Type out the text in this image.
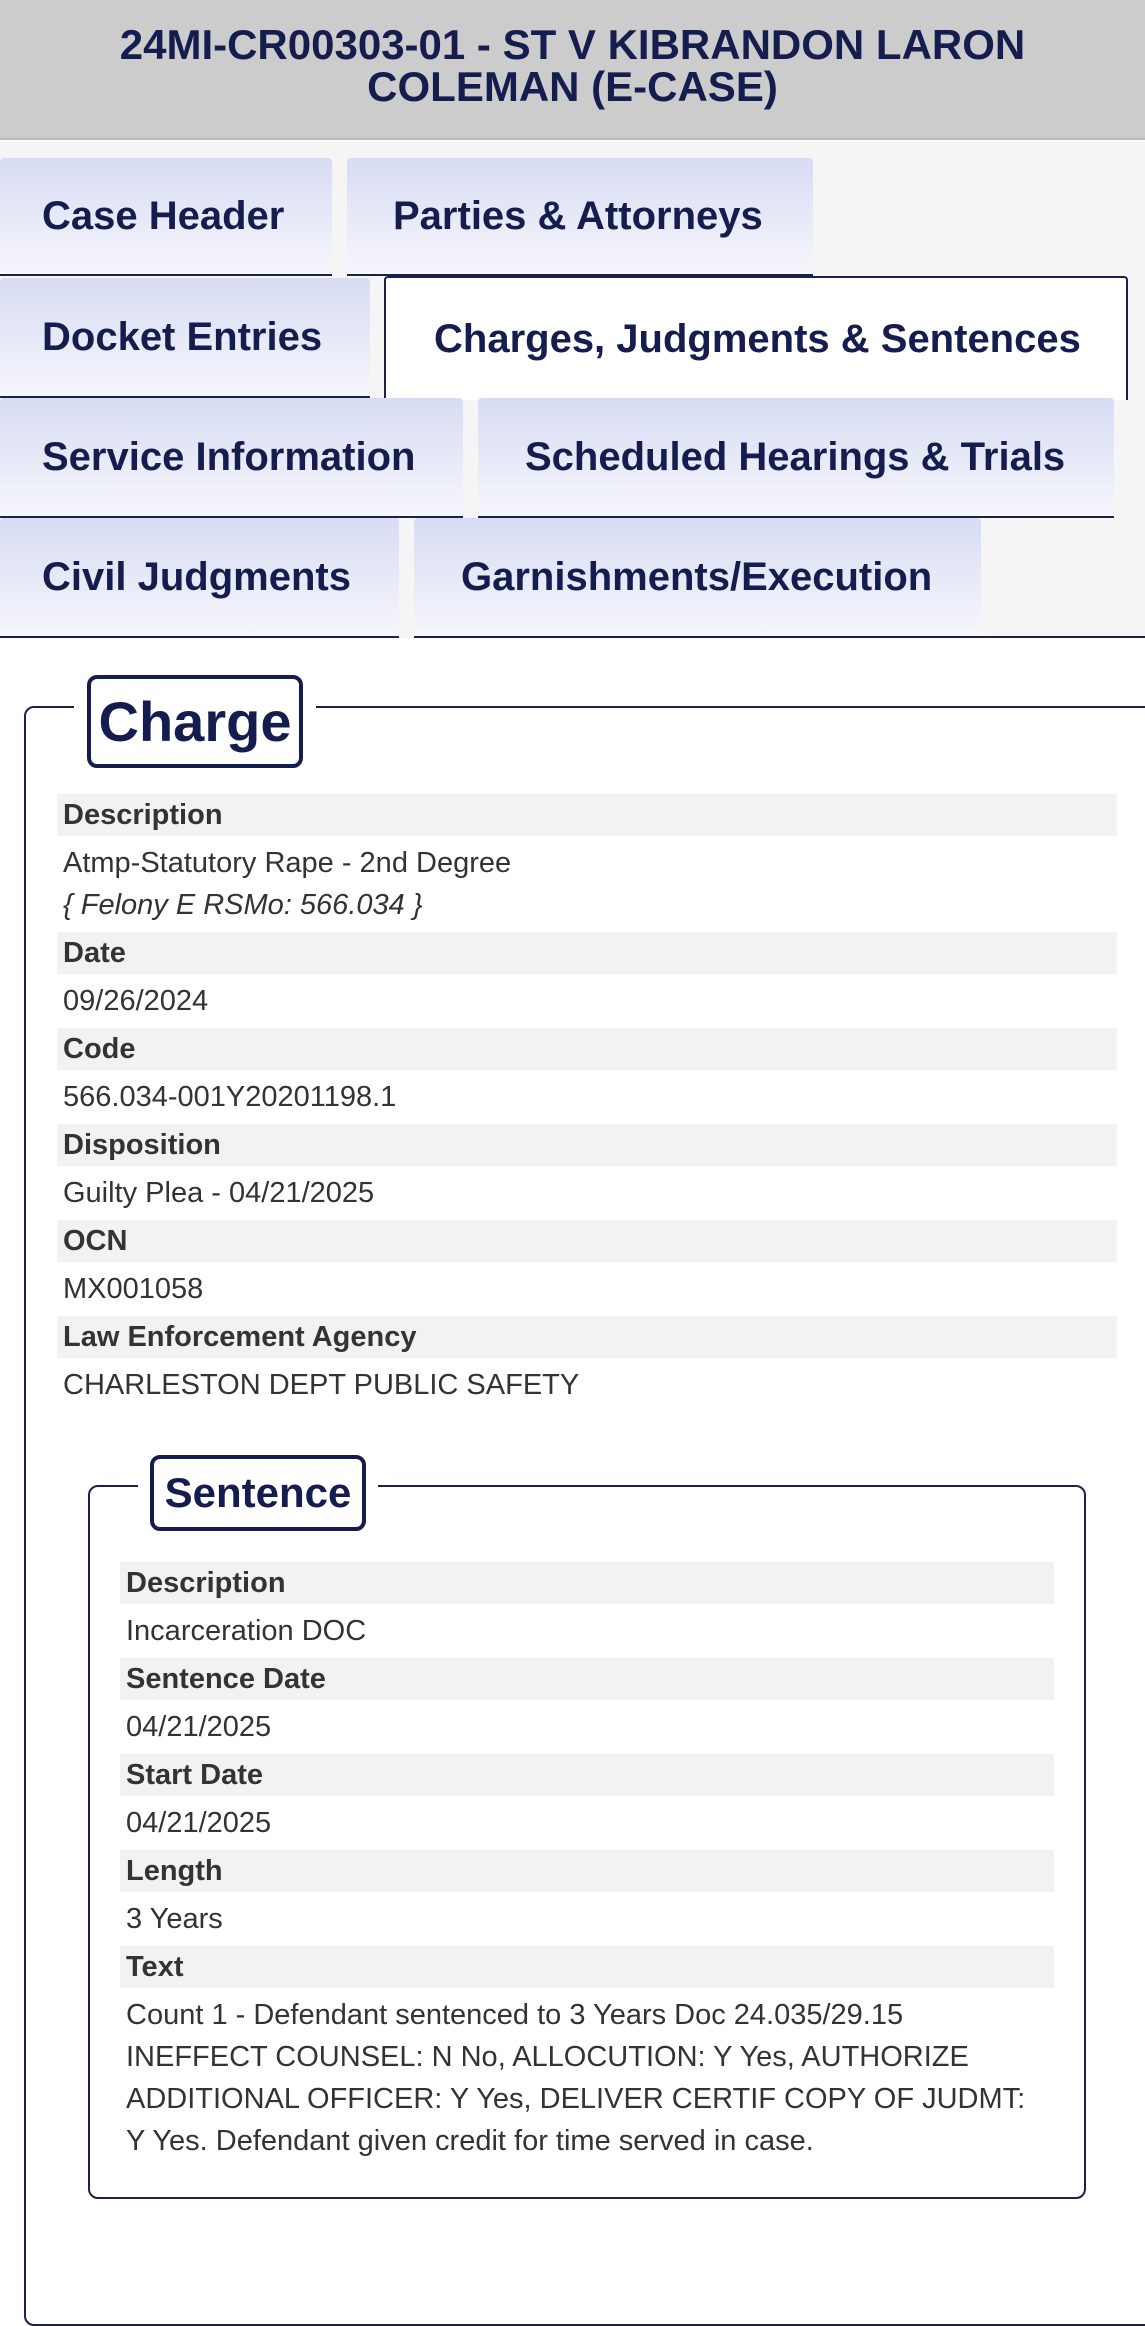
24MI-CR00303-01 - ST V KIBRANDON LARON COLEMAN (E-CASE)
Case Header	Parties & Attorneys
Docket Entries	Charges, Judgments & Sentences
Service Information	Scheduled Hearings & Trials
Civil Judgments	Garnishments/Execution
Charge
Description
Atmp-Statutory Rape - 2nd Degree
{ Felony E RSMo: 566.034 }
Date
09/26/2024
Code
566.034-001Y20201198.1
Disposition
Guilty Plea - 04/21/2025
OCN
MX001058
Law Enforcement Agency
CHARLESTON DEPT PUBLIC SAFETY
Sentence
Description
Incarceration DOC
Sentence Date
04/21/2025
Start Date
04/21/2025
Length
3 Years
Text
Count 1 - Defendant sentenced to 3 Years Doc 24.035/29.15 INEFFECT COUNSEL: N No, ALLOCUTION: Y Yes, AUTHORIZE ADDITIONAL OFFICER: Y Yes, DELIVER CERTIF COPY OF JUDMT: Y Yes. Defendant given credit for time served in case.
